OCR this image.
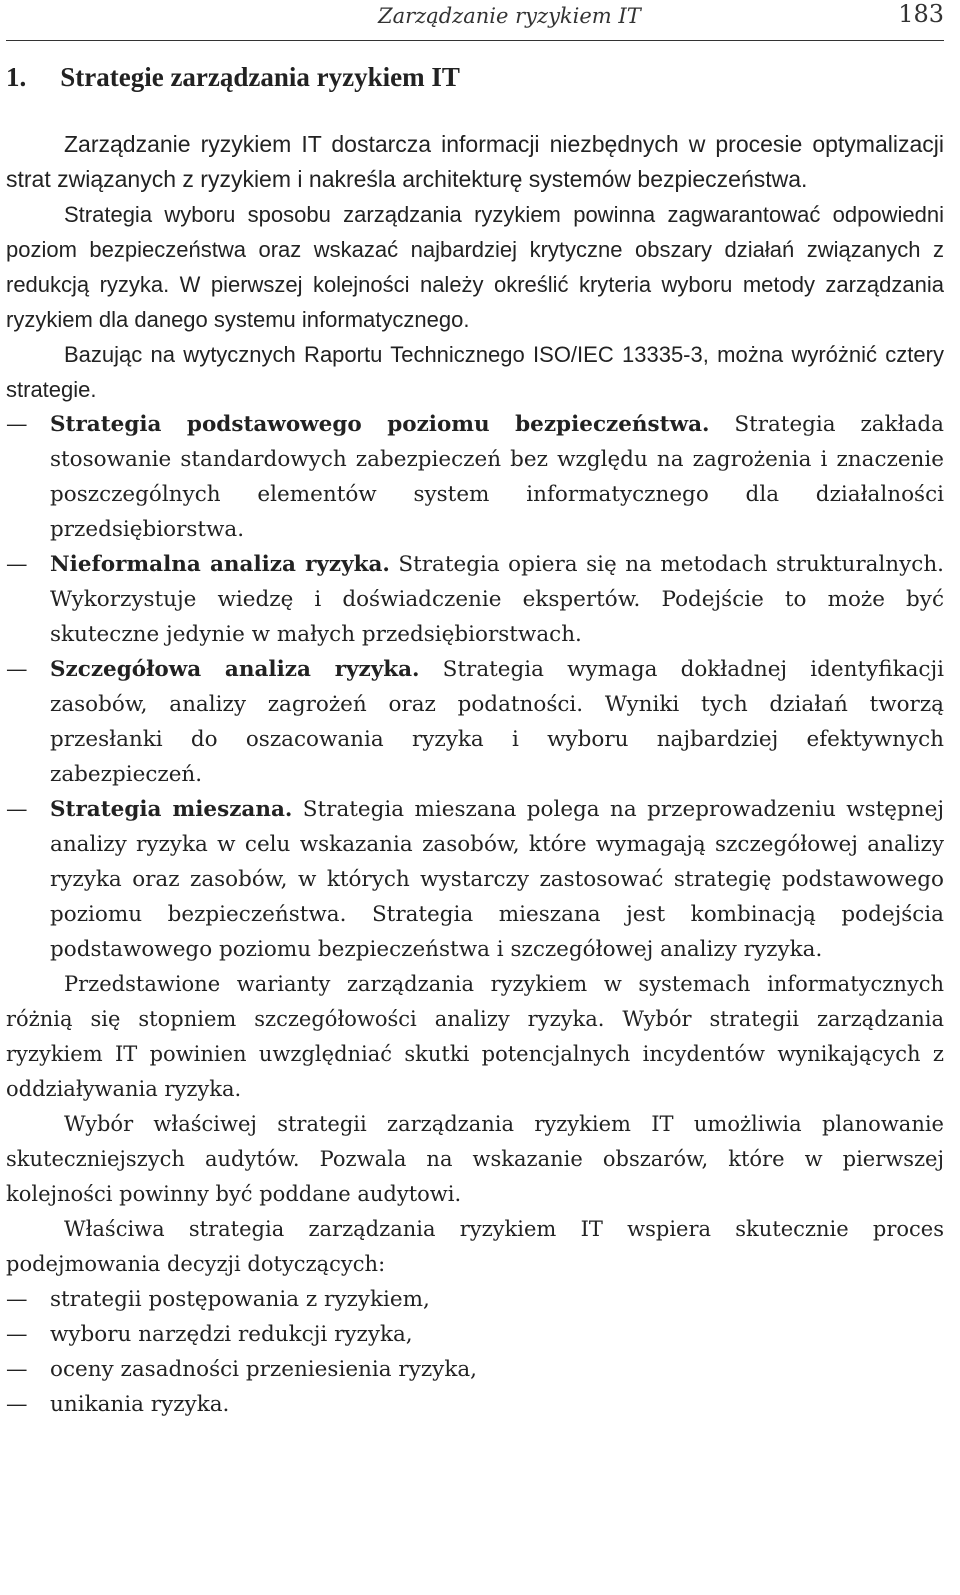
Zarządzanie ryzykiem IT	183
1. Strategie zarządzania ryzykiem IT

Zarządzanie ryzykiem IT dostarcza informacji niezbędnych w procesie optymalizacji strat związanych z ryzykiem i nakreśla architekturę systemów bezpieczeństwa.

Strategia wyboru sposobu zarządzania ryzykiem powinna zagwarantować odpowiedni poziom bezpieczeństwa oraz wskazać najbardziej krytyczne obszary działań związanych z redukcją ryzyka. W pierwszej kolejności należy określić kryteria wyboru metody zarządzania ryzykiem dla danego systemu informatycznego.

Bazując na wytycznych Raportu Technicznego ISO/IEC 13335-3, można wyróżnić cztery strategie.

—	Strategia podstawowego poziomu bezpieczeństwa. Strategia zakłada stosowanie standardowych zabezpieczeń bez względu na zagrożenia i znaczenie poszczególnych elementów system informatycznego dla działalności przedsiębiorstwa.
—	Nieformalna analiza ryzyka. Strategia opiera się na metodach strukturalnych. Wykorzystuje wiedzę i doświadczenie ekspertów. Podejście to może być skuteczne jedynie w małych przedsiębiorstwach.
—	Szczegółowa analiza ryzyka. Strategia wymaga dokładnej identyfikacji zasobów, analizy zagrożeń oraz podatności. Wyniki tych działań tworzą przesłanki do oszacowania ryzyka i wyboru najbardziej efektywnych zabezpieczeń.
—	Strategia mieszana. Strategia mieszana polega na przeprowadzeniu wstępnej analizy ryzyka w celu wskazania zasobów, które wymagają szczegółowej analizy ryzyka oraz zasobów, w których wystarczy zastosować strategię podstawowego poziomu bezpieczeństwa. Strategia mieszana jest kombinacją podejścia podstawowego poziomu bezpieczeństwa i szczegółowej analizy ryzyka.

Przedstawione warianty zarządzania ryzykiem w systemach informatycznych różnią się stopniem szczegółowości analizy ryzyka. Wybór strategii zarządzania ryzykiem IT powinien uwzględniać skutki potencjalnych incydentów wynikających z oddziaływania ryzyka.

Wybór właściwej strategii zarządzania ryzykiem IT umożliwia planowanie skuteczniejszych audytów. Pozwala na wskazanie obszarów, które w pierwszej kolejności powinny być poddane audytowi.

Właściwa strategia zarządzania ryzykiem IT wspiera skutecznie proces podejmowania decyzji dotyczących:

—	strategii postępowania z ryzykiem,
—	wyboru narzędzi redukcji ryzyka,
—	oceny zasadności przeniesienia ryzyka,
—	unikania ryzyka.
